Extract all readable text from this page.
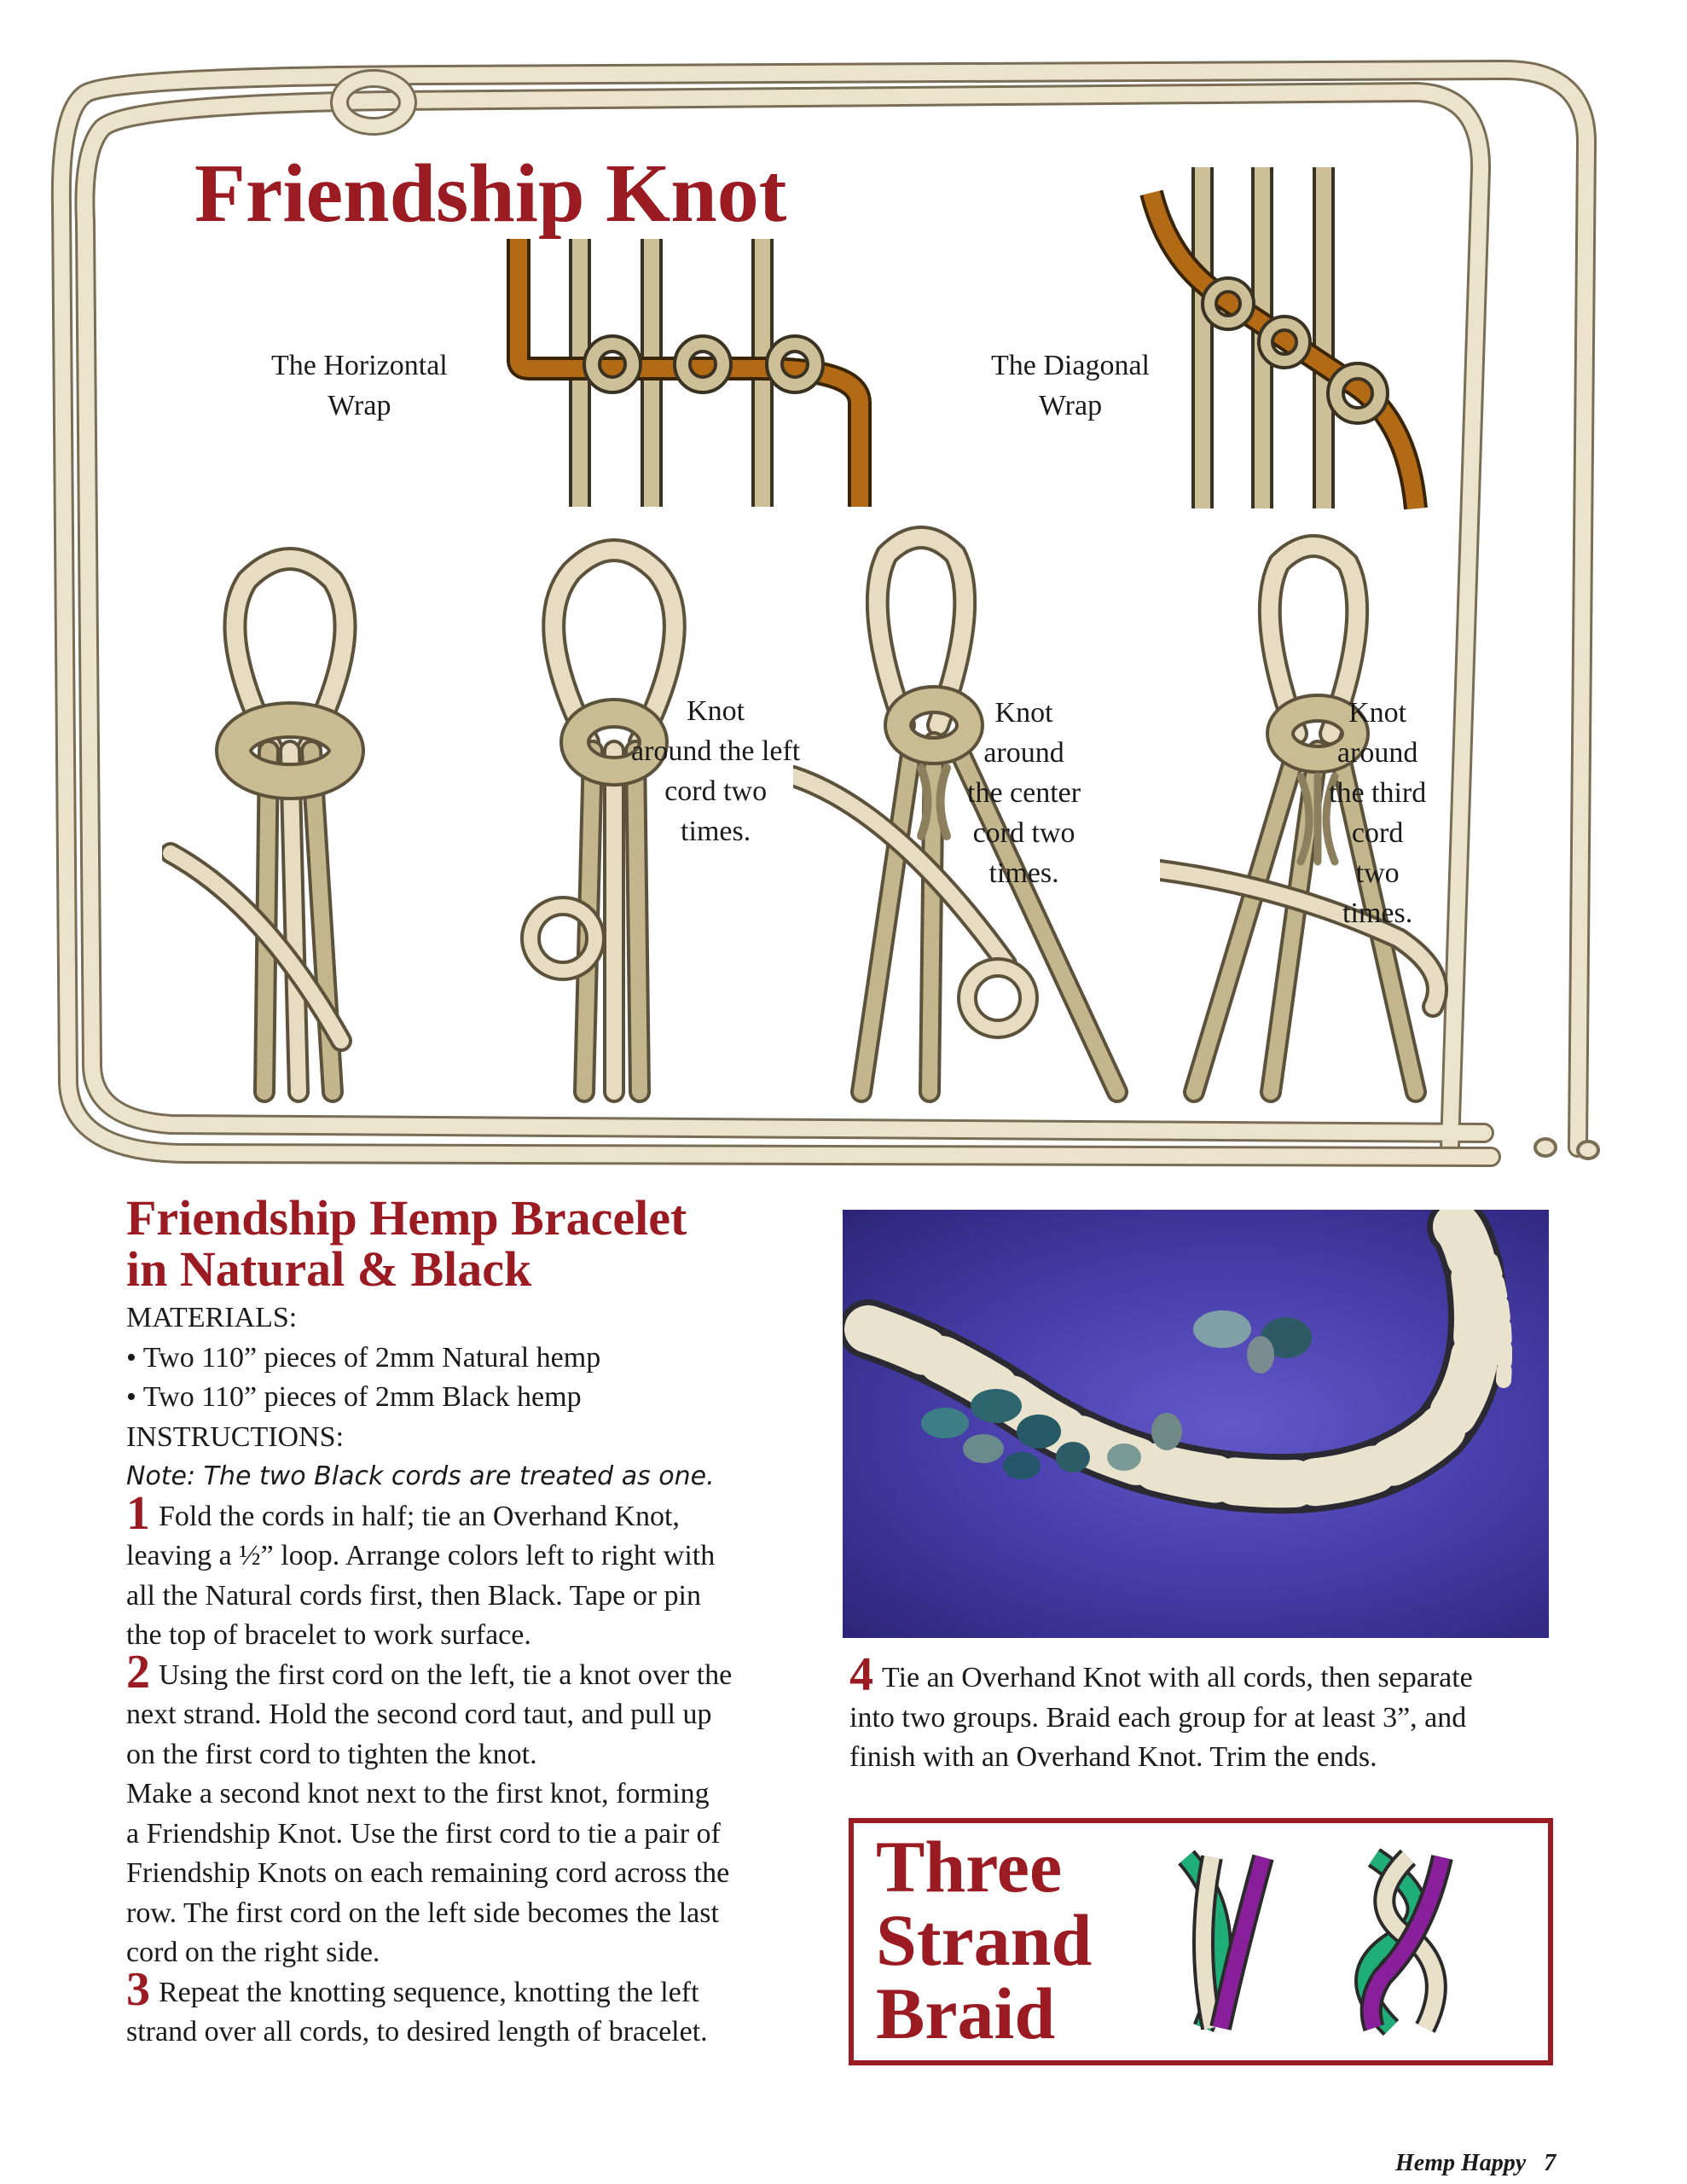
Friendship Knot
The Horizontal
Wrap
The Diagonal
Wrap
Knot
around the left
cord two
times.
Knot
around
the center
cord two
times.
Knot
around
the third
cord
two
times.
Friendship Hemp Bracelet
in Natural & Black

MATERIALS:

• Two 110” pieces of 2mm Natural hemp

• Two 110” pieces of 2mm Black hemp

INSTRUCTIONS:

Note: The two Black cords are treated as one.

1 Fold the cords in half; tie an Overhand Knot,

leaving a ½” loop. Arrange colors left to right with

all the Natural cords first, then Black. Tape or pin

the top of bracelet to work surface.

2 Using the first cord on the left, tie a knot over the

next strand. Hold the second cord taut, and pull up

on the first cord to tighten the knot.

Make a second knot next to the first knot, forming

a Friendship Knot. Use the first cord to tie a pair of

Friendship Knots on each remaining cord across the

row. The first cord on the left side becomes the last

cord on the right side.

3 Repeat the knotting sequence, knotting the left

strand over all cords, to desired length of bracelet.

4 Tie an Overhand Knot with all cords, then separate

into two groups. Braid each group for at least 3”, and

finish with an Overhand Knot. Trim the ends.

Three
Strand
Braid
Hemp Happy 7
